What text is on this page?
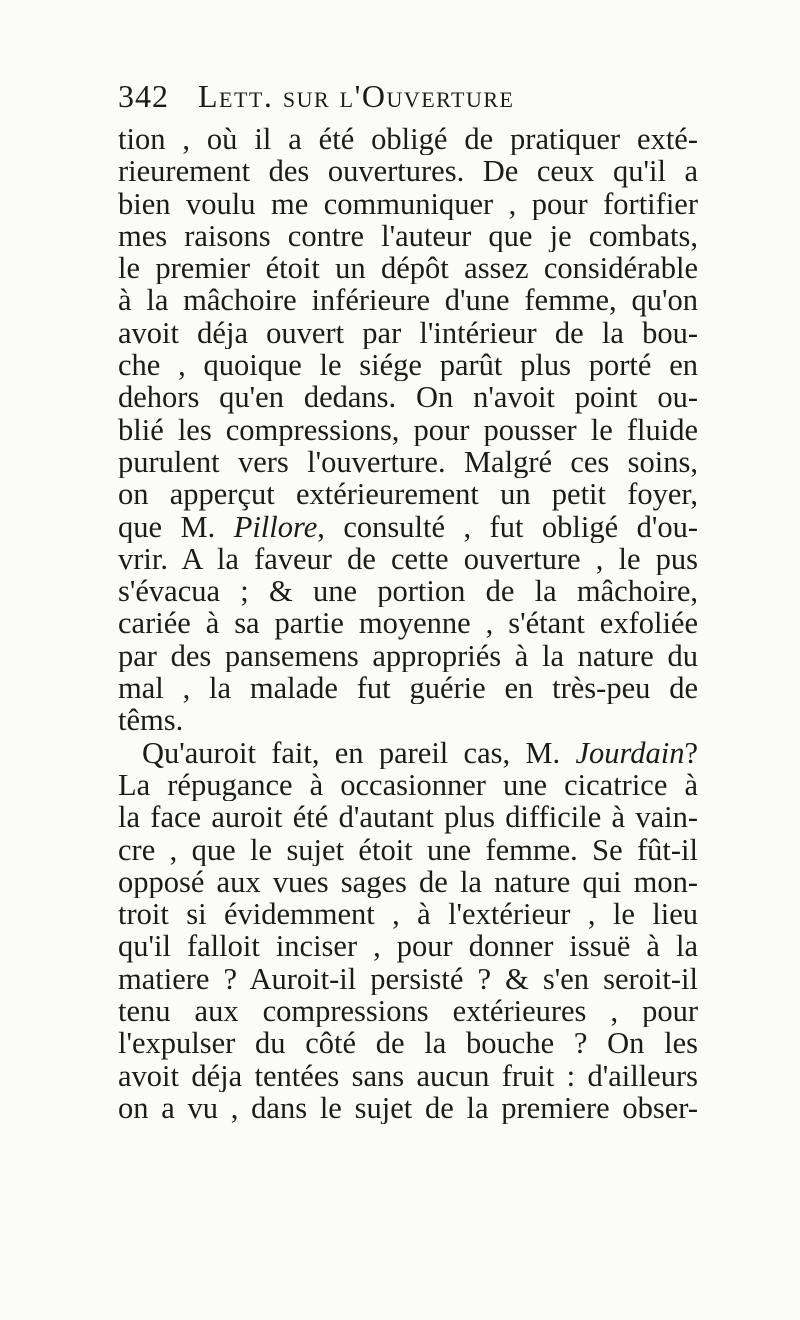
342 Lett. sur l'Ouverture
tion , où il a été obligé de pratiquer exté-
rieurement des ouvertures. De ceux qu'il a
bien voulu me communiquer , pour fortifier
mes raisons contre l'auteur que je combats,
le premier étoit un dépôt assez considérable
à la mâchoire inférieure d'une femme, qu'on
avoit déja ouvert par l'intérieur de la bou-
che , quoique le siége parût plus porté en
dehors qu'en dedans. On n'avoit point ou-
blié les compressions, pour pousser le fluide
purulent vers l'ouverture. Malgré ces soins,
on apperçut extérieurement un petit foyer,
que M. Pillore, consulté , fut obligé d'ou-
vrir. A la faveur de cette ouverture , le pus
s'évacua ; & une portion de la mâchoire,
cariée à sa partie moyenne , s'étant exfoliée
par des pansemens appropriés à la nature du
mal , la malade fut guérie en très-peu de
têms.
Qu'auroit fait, en pareil cas, M. Jourdain?
La répugance à occasionner une cicatrice à
la face auroit été d'autant plus difficile à vain-
cre , que le sujet étoit une femme. Se fût-il
opposé aux vues sages de la nature qui mon-
troit si évidemment , à l'extérieur , le lieu
qu'il falloit inciser , pour donner issuë à la
matiere ? Auroit-il persisté ? & s'en seroit-il
tenu aux compressions extérieures , pour
l'expulser du côté de la bouche ? On les
avoit déja tentées sans aucun fruit : d'ailleurs
on a vu , dans le sujet de la premiere obser-
